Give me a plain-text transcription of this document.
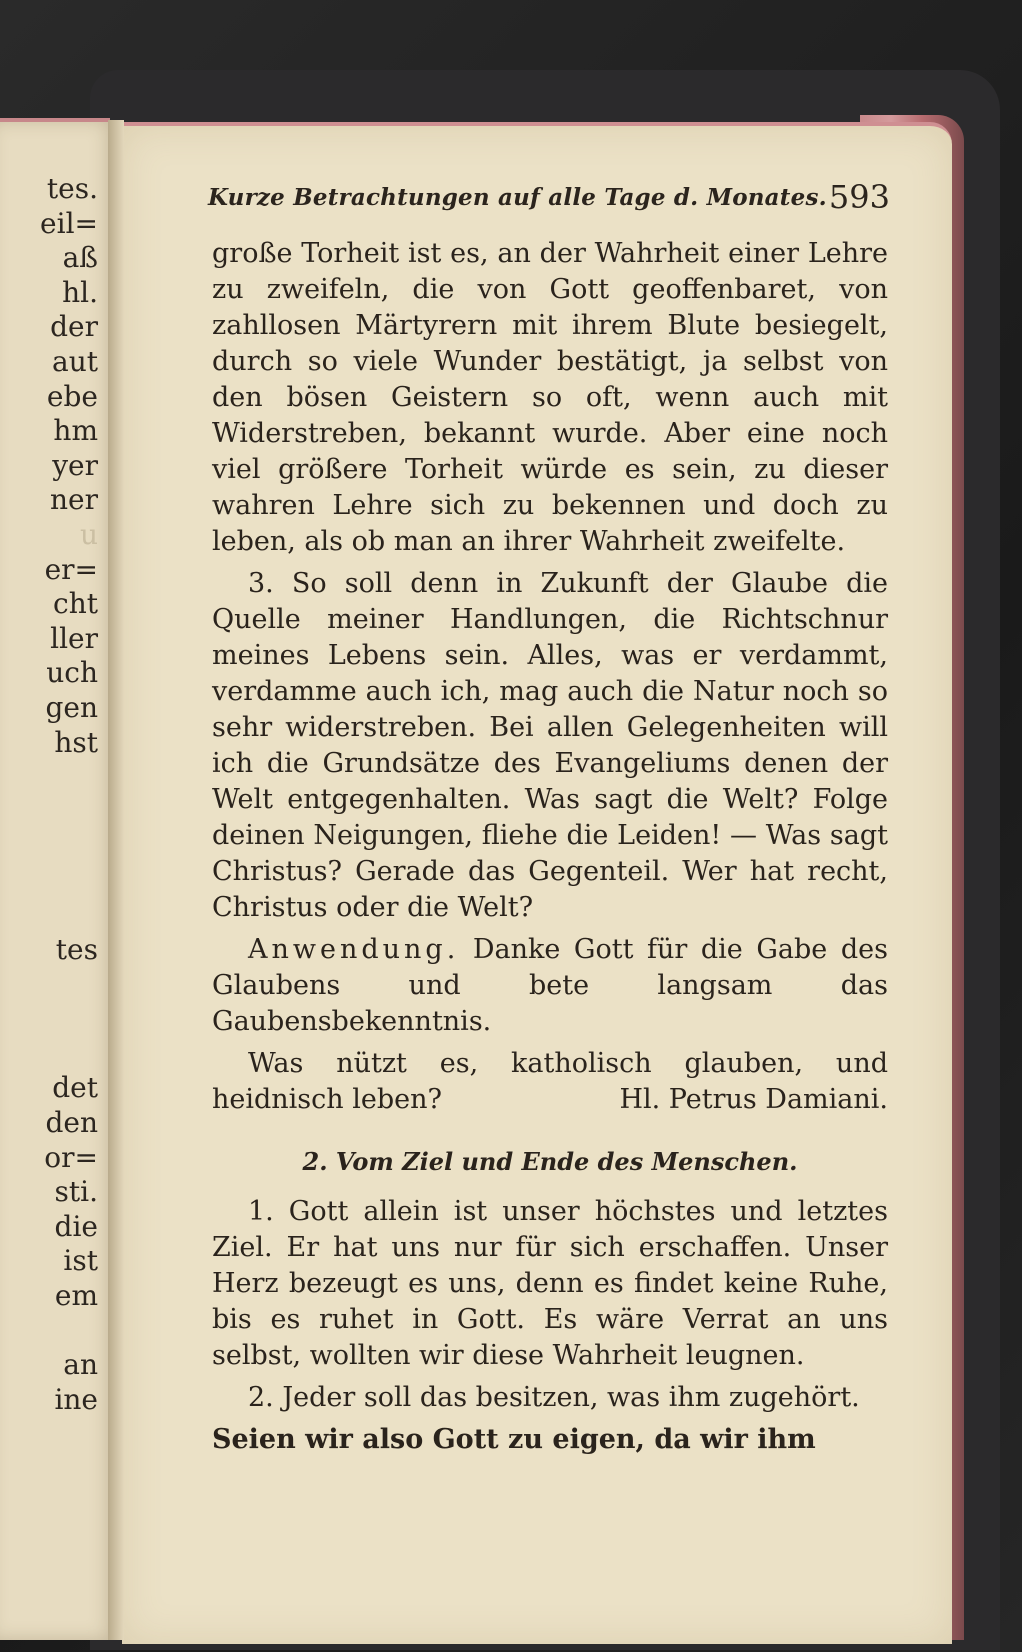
tes.
eil=
aß
hl.
der
aut
ebe
hm
yer
ner
u
er=
cht
ller
uch
gen
hst
tes
det
den
or=
sti.
die
ist
em
an
ine
Kurze Betrachtungen auf alle Tage d. Monates. 593

große Torheit ist es, an der Wahrheit einer Lehre zu zweifeln, die von Gott geoffenbaret, von zahllosen Märtyrern mit ihrem Blute besiegelt, durch so viele Wunder bestätigt, ja selbst von den bösen Geistern so oft, wenn auch mit Widerstreben, bekannt wurde. Aber eine noch viel größere Torheit würde es sein, zu dieser wahren Lehre sich zu bekennen und doch zu leben, als ob man an ihrer Wahrheit zweifelte.

3. So soll denn in Zukunft der Glaube die Quelle meiner Handlungen, die Richtschnur meines Lebens sein. Alles, was er verdammt, verdamme auch ich, mag auch die Natur noch so sehr widerstreben. Bei allen Gelegenheiten will ich die Grundsätze des Evangeliums denen der Welt entgegenhalten. Was sagt die Welt? Folge deinen Neigungen, fliehe die Leiden! — Was sagt Christus? Gerade das Gegenteil. Wer hat recht, Christus oder die Welt?

Anwendung. Danke Gott für die Gabe des Glaubens und bete langsam das Gaubensbekenntnis.

Was nützt es, katholisch glauben, und heidnisch leben?	Hl. Petrus Damiani.

2. Vom Ziel und Ende des Menschen.

1. Gott allein ist unser höchstes und letztes Ziel. Er hat uns nur für sich erschaffen. Unser Herz bezeugt es uns, denn es findet keine Ruhe, bis es ruhet in Gott. Es wäre Verrat an uns selbst, wollten wir diese Wahrheit leugnen.

2. Jeder soll das besitzen, was ihm zugehört.

Seien wir also Gott zu eigen, da wir ihm
